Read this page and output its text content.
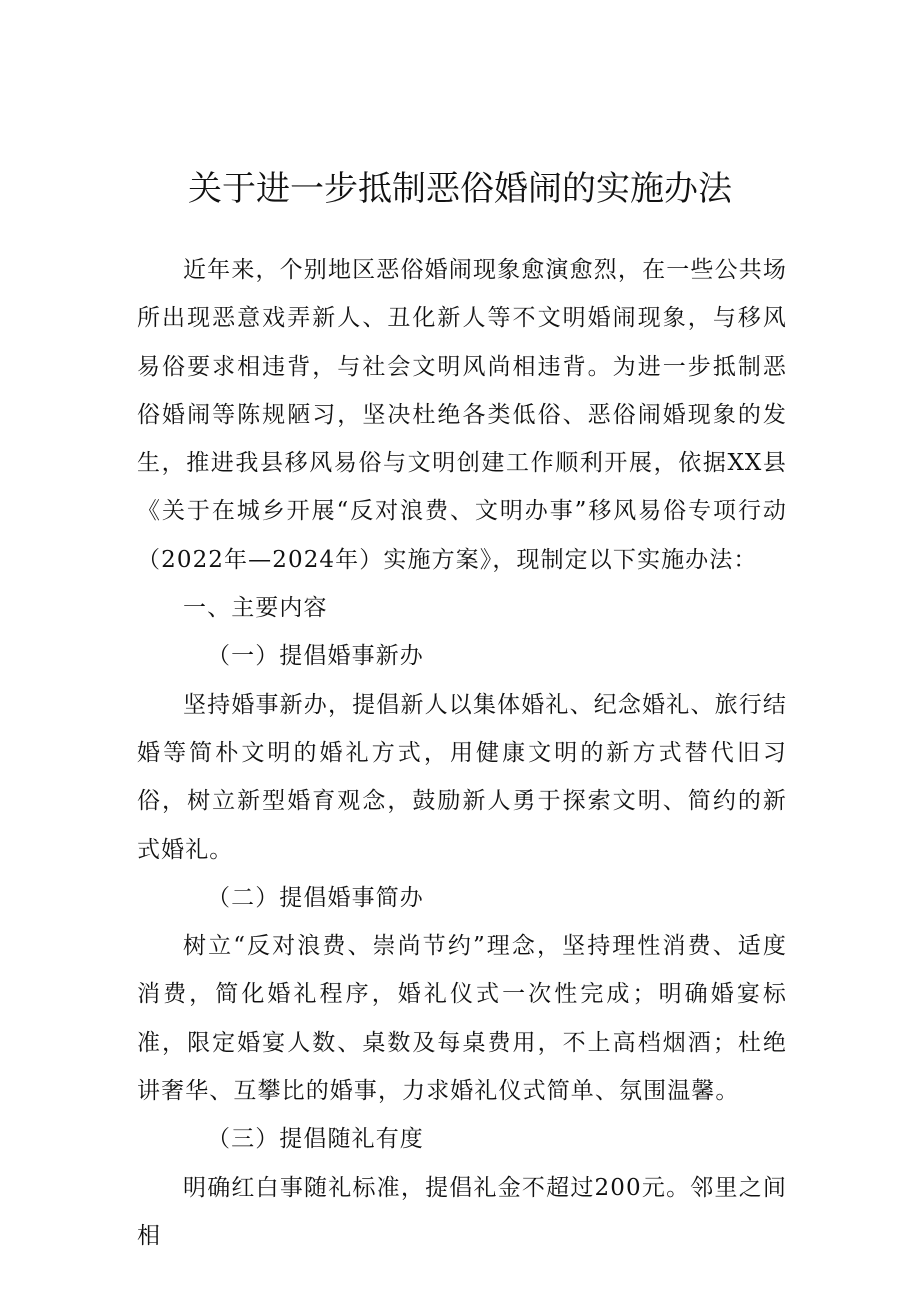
关于进一步抵制恶俗婚闹的实施办法

近年来，个别地区恶俗婚闹现象愈演愈烈，在一些公共场所出现恶意戏弄新人、丑化新人等不文明婚闹现象，与移风易俗要求相违背，与社会文明风尚相违背。为进一步抵制恶俗婚闹等陈规陋习，坚决杜绝各类低俗、恶俗闹婚现象的发生，推进我县移风易俗与文明创建工作顺利开展，依据XX县《关于在城乡开展“反对浪费、文明办事”移风易俗专项行动（2022年—2024年）实施方案》，现制定以下实施办法：

一、主要内容

（一）提倡婚事新办

坚持婚事新办，提倡新人以集体婚礼、纪念婚礼、旅行结婚等简朴文明的婚礼方式，用健康文明的新方式替代旧习俗，树立新型婚育观念，鼓励新人勇于探索文明、简约的新式婚礼。

（二）提倡婚事简办

树立“反对浪费、崇尚节约”理念，坚持理性消费、适度消费，简化婚礼程序，婚礼仪式一次性完成；明确婚宴标准，限定婚宴人数、桌数及每桌费用，不上高档烟酒；杜绝讲奢华、互攀比的婚事，力求婚礼仪式简单、氛围温馨。

（三）提倡随礼有度

明确红白事随礼标准，提倡礼金不超过200元。邻里之间相
